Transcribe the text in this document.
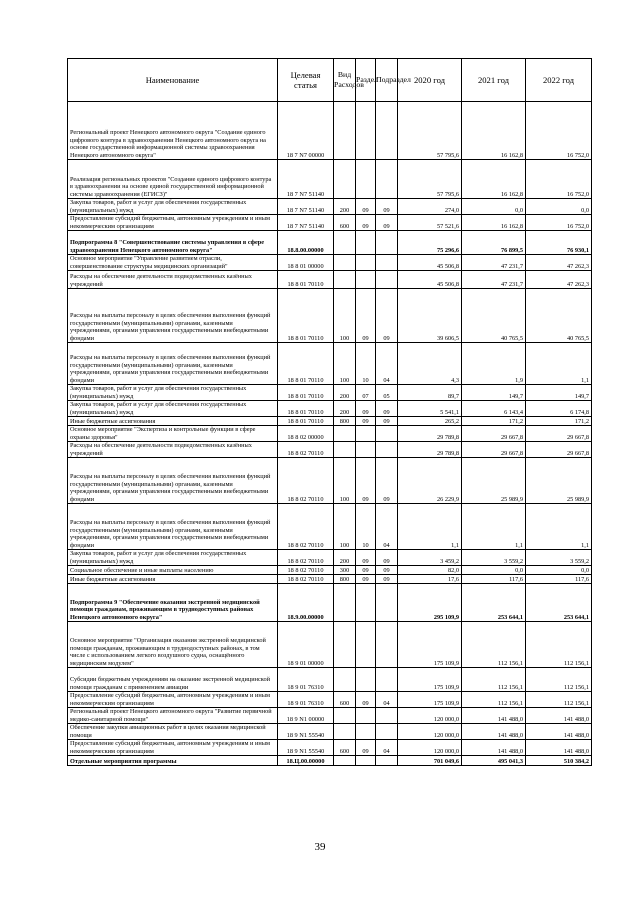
Наименование	Целевая статья	Вид Расходов	Раздел	Подраздел	2020 год	2021 год	2022 год
Региональный проект Ненецкого автономного округа "Создание единого цифрового контура в здравоохранении Ненецкого автономного округа на основе государственной информационной системы здравоохранения Ненецкого автономного округа"	18 7 N7 00000				57 795,6	16 162,8	16 752,0
Реализация региональных проектов "Создание единого цифрового контура в здравоохранении на основе единой государственной информационной системы здравоохранения (ЕГИСЗ)"	18 7 N7 51140				57 795,6	16 162,8	16 752,0
Закупка товаров, работ и услуг для обеспечения государственных (муниципальных) нужд	18 7 N7 51140	200	09	09	274,0	0,0	0,0
Предоставление субсидий бюджетным, автономным учреждениям и иным некоммерческим организациям	18 7 N7 51140	600	09	09	57 521,6	16 162,8	16 752,0
Подпрограмма 8 "Совершенствование системы управления в сфере здравоохранения Ненецкого автономного округа"	18.8.00.00000				75 296,6	76 899,5	76 930,1
Основное мероприятие "Управление развитием отрасли, совершенствование структуры медицинских организаций"	18 8 01 00000				45 506,8	47 231,7	47 262,3
Расходы на обеспечение деятельности подведомственных казённых учреждений	18 8 01 70110				45 506,8	47 231,7	47 262,3
Расходы на выплаты персоналу в целях обеспечения выполнения функций государственными (муниципальными) органами, казенными учреждениями, органами управления государственными внебюджетными фондами	18 8 01 70110	100	09	09	39 606,5	40 765,5	40 765,5
Расходы на выплаты персоналу в целях обеспечения выполнения функций государственными (муниципальными) органами, казенными учреждениями, органами управления государственными внебюджетными фондами	18 8 01 70110	100	10	04	4,3	1,9	1,1
Закупка товаров, работ и услуг для обеспечения государственных (муниципальных) нужд	18 8 01 70110	200	07	05	89,7	149,7	149,7
Закупка товаров, работ и услуг для обеспечения государственных (муниципальных) нужд	18 8 01 70110	200	09	09	5 541,1	6 143,4	6 174,8
Иные бюджетные ассигнования	18 8 01 70110	800	09	09	265,2	171,2	171,2
Основное мероприятие "Экспертиза и контрольные функции в сфере охраны здоровья"	18 8 02 00000				29 789,8	29 667,8	29 667,8
Расходы на обеспечение деятельности подведомственных казённых учреждений	18 8 02 70110				29 789,8	29 667,8	29 667,8
Расходы на выплаты персоналу в целях обеспечения выполнения функций государственными (муниципальными) органами, казенными учреждениями, органами управления государственными внебюджетными фондами	18 8 02 70110	100	09	09	26 229,9	25 989,9	25 989,9
Расходы на выплаты персоналу в целях обеспечения выполнения функций государственными (муниципальными) органами, казенными учреждениями, органами управления государственными внебюджетными фондами	18 8 02 70110	100	10	04	1,1	1,1	1,1
Закупка товаров, работ и услуг для обеспечения государственных (муниципальных) нужд	18 8 02 70110	200	09	09	3 459,2	3 559,2	3 559,2
Социальное обеспечение и иные выплаты населению	18 8 02 70110	300	09	09	82,0	0,0	0,0
Иные бюджетные ассигнования	18 8 02 70110	800	09	09	17,6	117,6	117,6
Подпрограмма 9 "Обеспечение оказания экстренной медицинской помощи гражданам, проживающим в труднодоступных районах Ненецкого автономного округа"	18.9.00.00000				295 109,9	253 644,1	253 644,1
Основное мероприятие "Организация оказания экстренной медицинской помощи гражданам, проживающим в труднодоступных районах, в том числе с использованием легкого воздушного судна, оснащённого медицинским модулем"	18 9 01 00000				175 109,9	112 156,1	112 156,1
Субсидии бюджетным учреждениям на оказание экстренной медицинской помощи гражданам с применением авиации	18 9 01 76310				175 109,9	112 156,1	112 156,1
Предоставление субсидий бюджетным, автономным учреждениям и иным некоммерческим организациям	18 9 01 76310	600	09	04	175 109,9	112 156,1	112 156,1
Региональный проект Ненецкого автономного округа "Развитие первичной медико-санитарной помощи"	18 9 N1 00000				120 000,0	141 488,0	141 488,0
Обеспечение закупки авиационных работ в целях оказания медицинской помощи	18 9 N1 55540				120 000,0	141 488,0	141 488,0
Предоставление субсидий бюджетным, автономным учреждениям и иным некоммерческим организациям	18 9 N1 55540	600	09	04	120 000,0	141 488,0	141 488,0
Отдельные мероприятия программы	18.Ц.00.00000				701 049,6	495 041,3	510 384,2
39
